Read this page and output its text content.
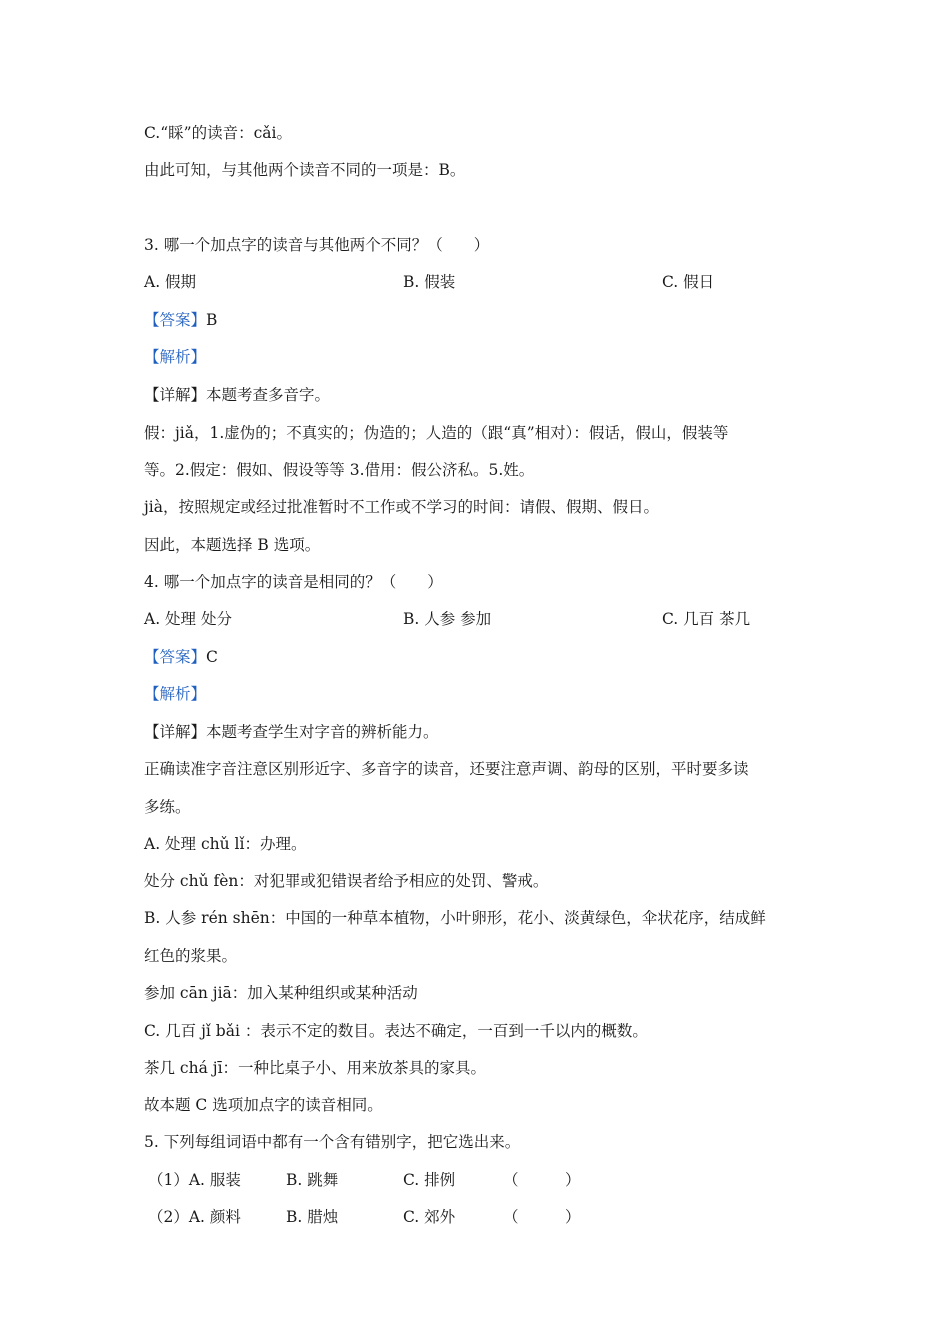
C.“睬”的读音：cǎi。
由此可知，与其他两个读音不同的一项是：B。
3. 哪一个加点字的读音与其他两个不同？（　　）
A. 假期	B. 假装	C. 假日
【答案】B
【解析】
【详解】本题考查多音字。
假：jiǎ，1.虚伪的；不真实的；伪造的；人造的（跟“真”相对）：假话，假山，假装等
等。2.假定：假如、假设等等 3.借用：假公济私。5.姓。
jià，按照规定或经过批准暂时不工作或不学习的时间：请假、假期、假日。
因此，本题选择 B 选项。
4. 哪一个加点字的读音是相同的？（　　）
A. 处理 处分	B. 人参 参加	C. 几百 茶几
【答案】C
【解析】
【详解】本题考查学生对字音的辨析能力。
正确读准字音注意区别形近字、多音字的读音，还要注意声调、韵母的区别，平时要多读
多练。
A. 处理 chǔ lǐ：办理。
处分 chǔ fèn：对犯罪或犯错误者给予相应的处罚、警戒。
B. 人参 rén shēn：中国的一种草本植物，小叶卵形，花小、淡黄绿色，伞状花序，结成鲜
红色的浆果。
参加 cān jiā：加入某种组织或某种活动
C. 几百 jǐ bǎi ：表示不定的数目。表达不确定，一百到一千以内的概数。
茶几 chá jī：一种比桌子小、用来放茶具的家具。
故本题 C 选项加点字的读音相同。
5. 下列每组词语中都有一个含有错别字，把它选出来。
（1）A. 服装	B. 跳舞	C. 排例	（　　　）
（2）A. 颜料	B. 腊烛	C. 郊外	（　　　）
